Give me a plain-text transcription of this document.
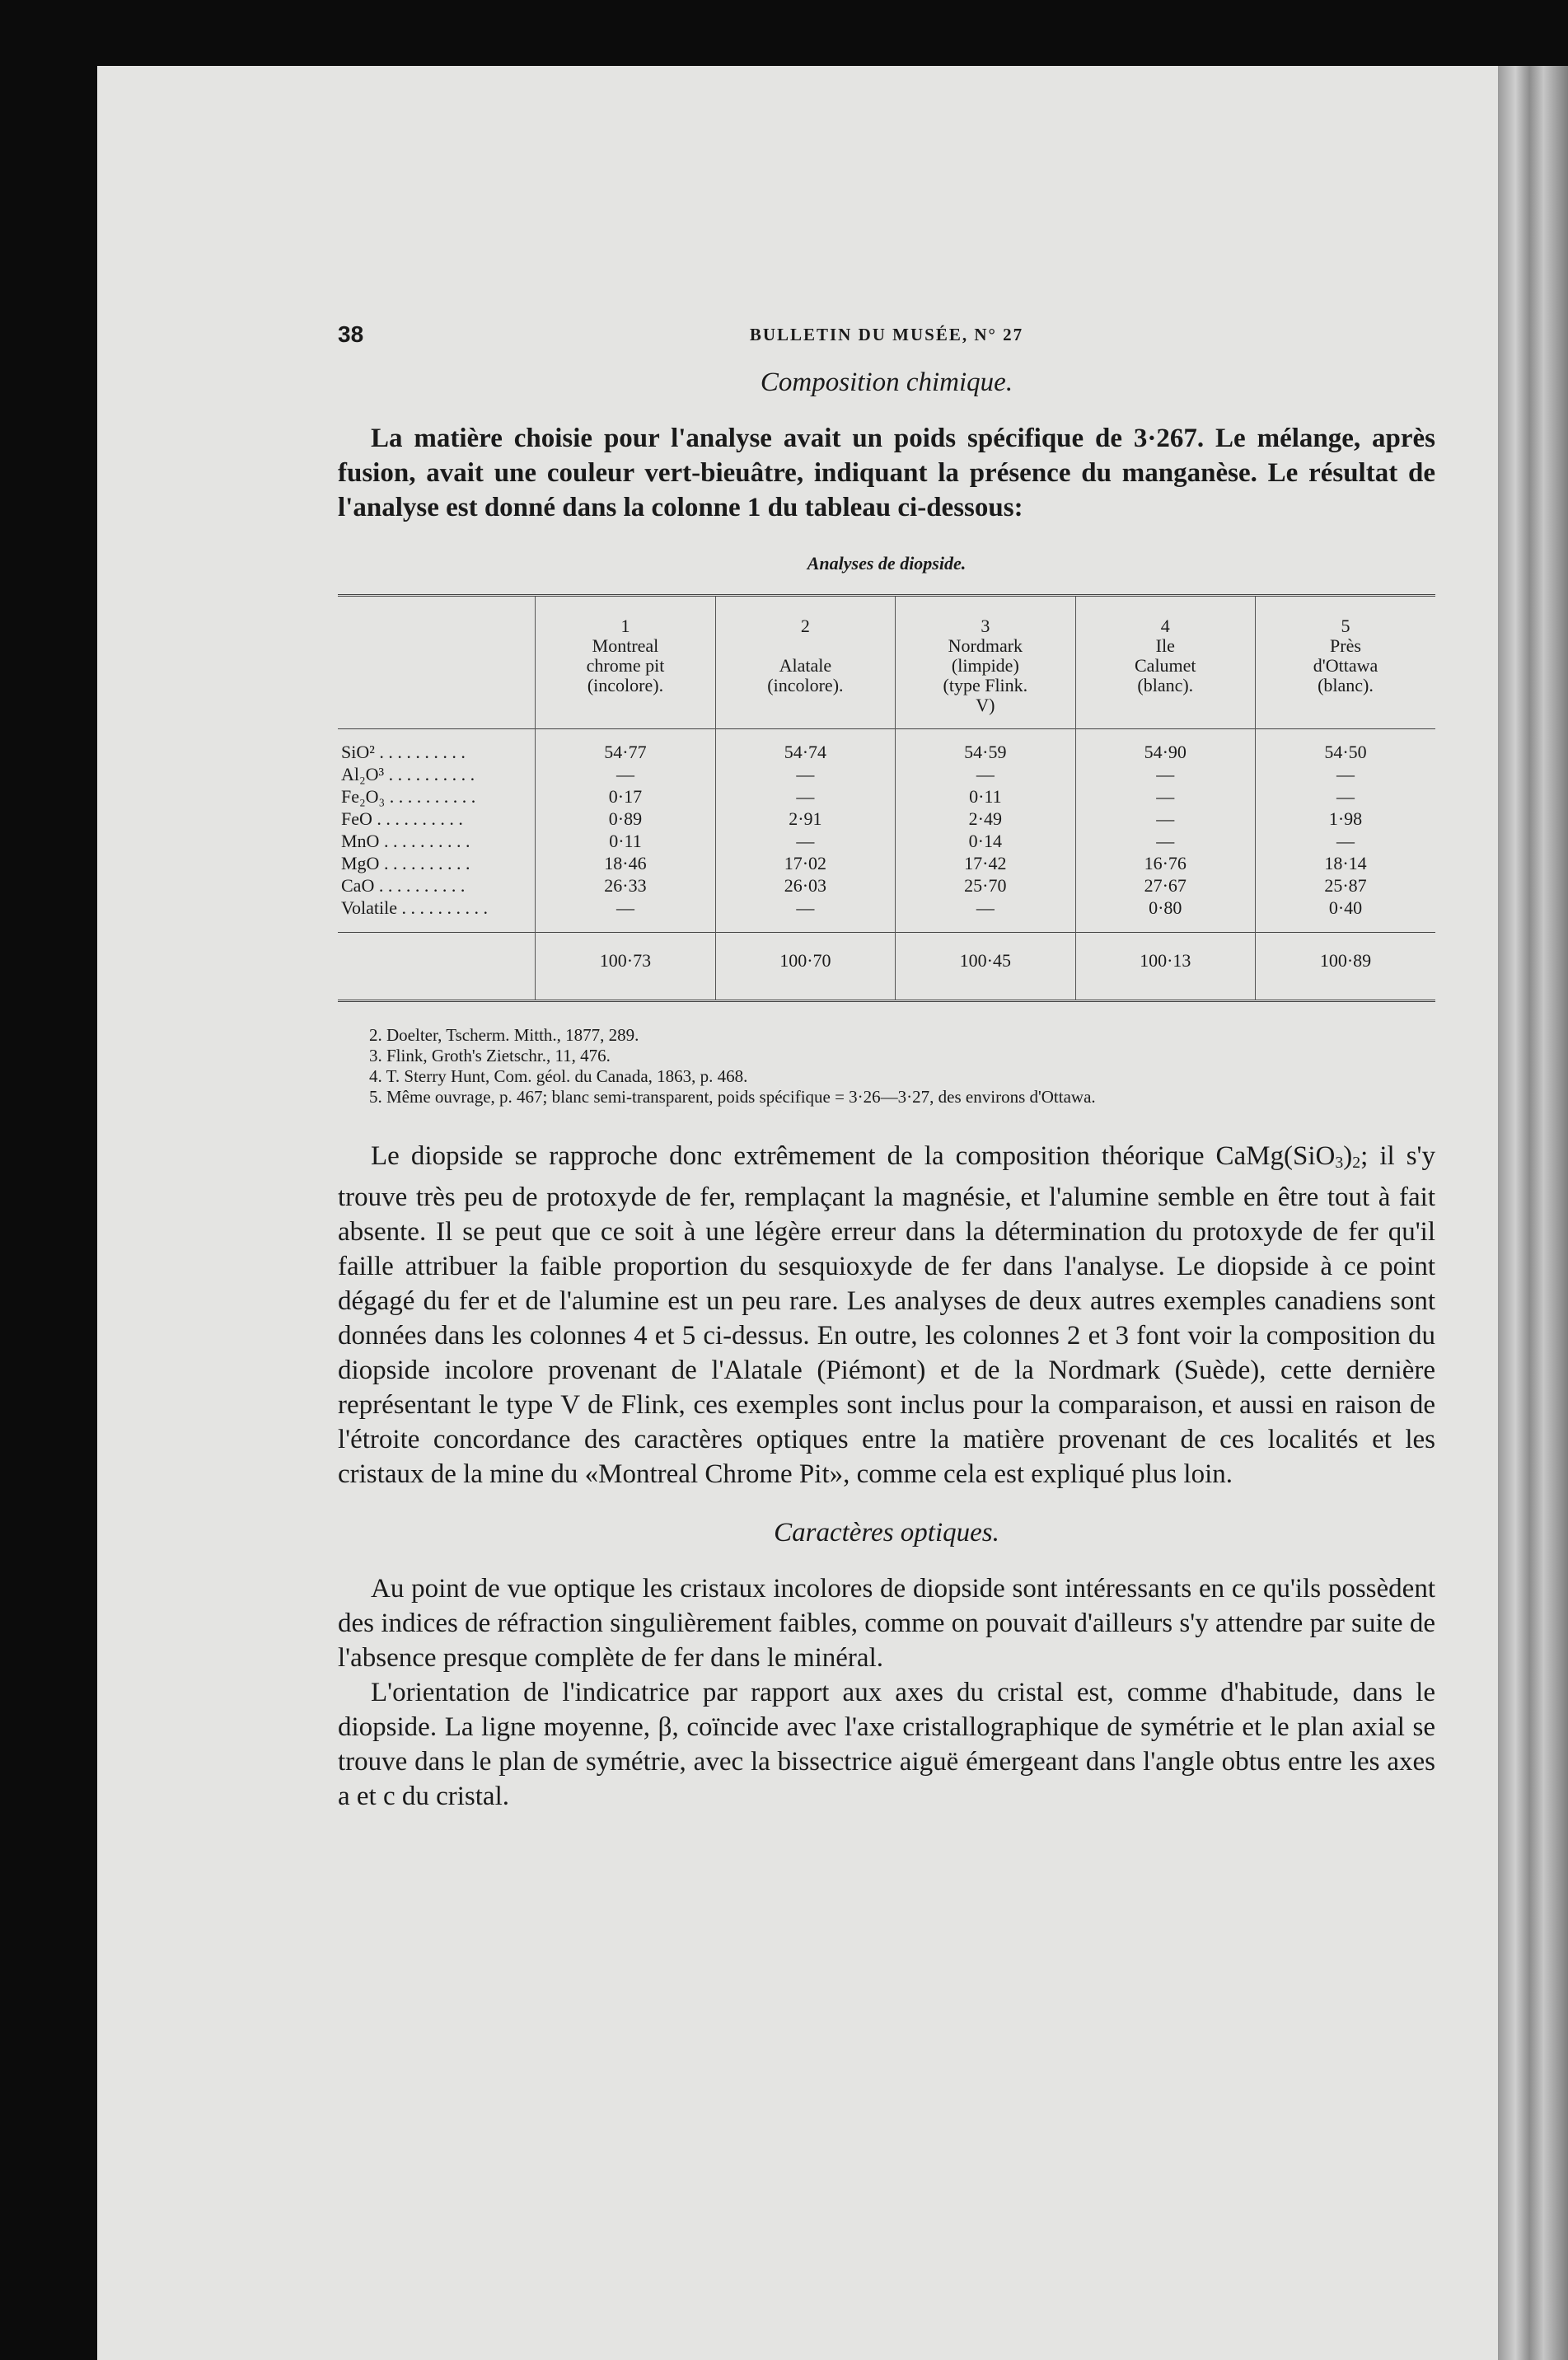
38	BULLETIN DU MUSÉE, N° 27
Composition chimique.

La matière choisie pour l'analyse avait un poids spécifique de 3·267. Le mélange, après fusion, avait une couleur vert-bieuâtre, indiquant la présence du manganèse. Le résultat de l'analyse est donné dans la colonne 1 du tableau ci-dessous:

Analyses de diopside.
	1
Montreal
chrome pit
(incolore).	2

Alatale
(incolore).	3
Nordmark
(limpide)
(type Flink.
V)	4
Ile
Calumet
(blanc).	5
Près
d'Ottawa
(blanc).
SiO² . . . . . . . . . .	54·77	54·74	54·59	54·90	54·50
Al₂O³ . . . . . . . . . .	—	—	—	—	—
Fe₂O₃ . . . . . . . . . .	0·17	—	0·11	—	—
FeO . . . . . . . . . .	0·89	2·91	2·49	—	1·98
MnO . . . . . . . . . .	0·11	—	0·14	—	—
MgO . . . . . . . . . .	18·46	17·02	17·42	16·76	18·14
CaO . . . . . . . . . .	26·33	26·03	25·70	27·67	25·87
Volatile . . . . . . . . . .	—	—	—	0·80	0·40
	100·73	100·70	100·45	100·13	100·89
2. Doelter, Tscherm. Mitth., 1877, 289.
3. Flink, Groth's Zietschr., 11, 476.
4. T. Sterry Hunt, Com. géol. du Canada, 1863, p. 468.
5. Même ouvrage, p. 467; blanc semi-transparent, poids spécifique = 3·26—3·27, des environs d'Ottawa.

Le diopside se rapproche donc extrêmement de la composition théorique $CaMg(SiO_3)_2$; il s'y trouve très peu de protoxyde de fer, remplaçant la magnésie, et l'alumine semble en être tout à fait absente. Il se peut que ce soit à une légère erreur dans la détermination du protoxyde de fer qu'il faille attribuer la faible proportion du sesquioxyde de fer dans l'analyse. Le diopside à ce point dégagé du fer et de l'alumine est un peu rare. Les analyses de deux autres exemples canadiens sont données dans les colonnes 4 et 5 ci-dessus. En outre, les colonnes 2 et 3 font voir la composition du diopside incolore provenant de l'Alatale (Piémont) et de la Nordmark (Suède), cette dernière représentant le type V de Flink, ces exemples sont inclus pour la comparaison, et aussi en raison de l'étroite concordance des caractères optiques entre la matière provenant de ces localités et les cristaux de la mine du «Montreal Chrome Pit», comme cela est expliqué plus loin.

Caractères optiques.

Au point de vue optique les cristaux incolores de diopside sont intéressants en ce qu'ils possèdent des indices de réfraction singulièrement faibles, comme on pouvait d'ailleurs s'y attendre par suite de l'absence presque complète de fer dans le minéral.

L'orientation de l'indicatrice par rapport aux axes du cristal est, comme d'habitude, dans le diopside. La ligne moyenne, β, coïncide avec l'axe cristallographique de symétrie et le plan axial se trouve dans le plan de symétrie, avec la bissectrice aiguë émergeant dans l'angle obtus entre les axes a et c du cristal.
